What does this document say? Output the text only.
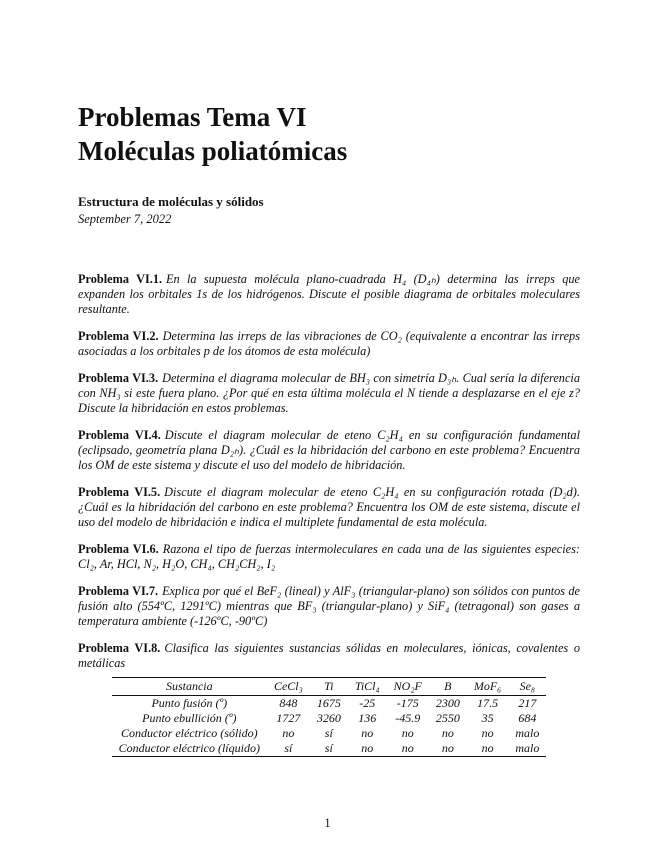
Problemas Tema VI
Moléculas poliatómicas
Estructura de moléculas y sólidos
September 7, 2022

Problema VI.1. En la supuesta molécula plano-cuadrada H₄ (D₄ₕ) determina las irreps que expanden los orbitales 1s de los hidrógenos. Discute el posible diagrama de orbitales moleculares resultante.

Problema VI.2. Determina las irreps de las vibraciones de CO₂ (equivalente a encontrar las irreps asociadas a los orbitales p de los átomos de esta molécula)

Problema VI.3. Determina el diagrama molecular de BH₃ con simetría D₃ₕ. Cual sería la diferencia con NH₃ si este fuera plano. ¿Por qué en esta última molécula el N tiende a desplazarse en el eje z? Discute la hibridación en estos problemas.

Problema VI.4. Discute el diagram molecular de eteno C₂H₄ en su configuración fundamental (eclipsado, geometría plana D₂ₕ). ¿Cuál es la hibridación del carbono en este problema? Encuentra los OM de este sistema y discute el uso del modelo de hibridación.

Problema VI.5. Discute el diagram molecular de eteno C₂H₄ en su configuración rotada (D₂d). ¿Cuál es la hibridación del carbono en este problema? Encuentra los OM de este sistema, discute el uso del modelo de hibridación e indica el multiplete fundamental de esta molécula.

Problema VI.6. Razona el tipo de fuerzas intermoleculares en cada una de las siguientes especies: Cl₂, Ar, HCl, N₂, H₂O, CH₄, CH₂CH₂, I₂

Problema VI.7. Explica por qué el BeF₂ (lineal) y AlF₃ (triangular-plano) son sólidos con puntos de fusión alto (554ºC, 1291ºC) mientras que BF₃ (triangular-plano) y SiF₄ (tetragonal) son gases a temperatura ambiente (-126ºC, -90ºC)

Problema VI.8. Clasifica las siguientes sustancias sólidas en moleculares, iónicas, covalentes o metálicas

Sustancia	CeCl₃	Ti	TiCl₄	NO₂F	B	MoF₆	Se₈
Punto fusión (º)	848	1675	-25	-175	2300	17.5	217
Punto ebullición (º)	1727	3260	136	-45.9	2550	35	684
Conductor eléctrico (sólido)	no	sí	no	no	no	no	malo
Conductor eléctrico (líquido)	sí	sí	no	no	no	no	malo
1
